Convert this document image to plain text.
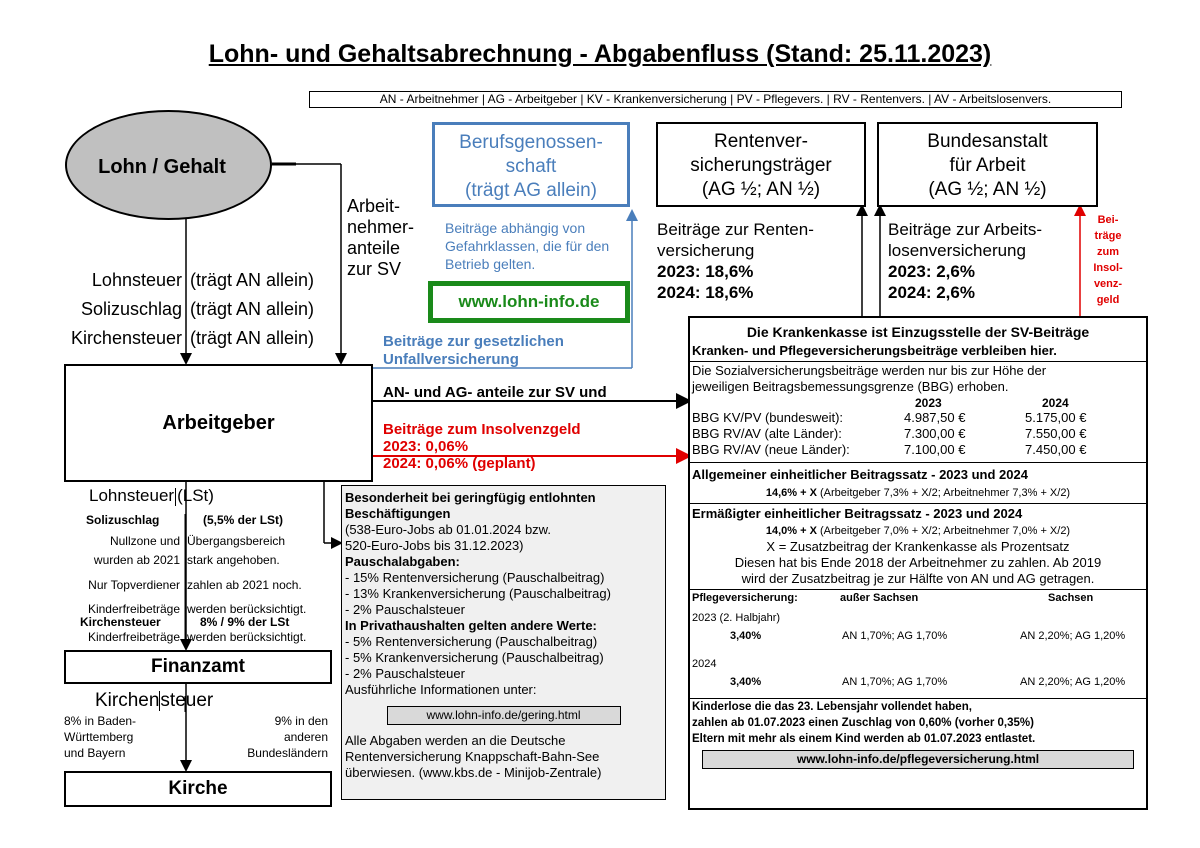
Lohn- und Gehaltsabrechnung - Abgabenfluss (Stand: 25.11.2023)
AN - Arbeitnehmer | AG - Arbeitgeber | KV - Krankenversicherung | PV - Pflegevers. | RV - Rentenvers. | AV - Arbeitslosenvers.
Lohn / Gehalt
Arbeit-
nehmer-
anteile
zur SV
Lohnsteuer (trägt AN allein)
Solizuschlag (trägt AN allein)
Kirchensteuer (trägt AN allein)
Berufsgenossen-
schaft
(trägt AG allein)
Beiträge abhängig von
Gefahrklassen, die für den
Betrieb gelten.
www.lohn-info.de
Beiträge zur gesetzlichen
Unfallversicherung
Rentenver-
sicherungsträger
(AG ½; AN ½)
Beiträge zur Renten-
versicherung
2023: 18,6%
2024: 18,6%
Bundesanstalt
für Arbeit
(AG ½; AN ½)
Beiträge zur Arbeits-
losenversicherung
2023: 2,6%
2024: 2,6%
Bei-
träge
zum
Insol-
venz-
geld
Arbeitgeber
AN- und AG- anteile zur SV und
Beiträge zum Insolvenzgeld
2023: 0,06%
2024: 0,06% (geplant)
Die Krankenkasse ist Einzugsstelle der SV-Beiträge
Kranken- und Pflegeversicherungsbeiträge verbleiben hier.
Die Sozialversicherungsbeiträge werden nur bis zur Höhe der
jeweiligen Beitragsbemessungsgrenze (BBG) erhoben.
2023	2024
BBG KV/PV (bundesweit):	4.987,50 €	5.175,00 €
BBG RV/AV (alte Länder):	7.300,00 €	7.550,00 €
BBG RV/AV (neue Länder):	7.100,00 €	7.450,00 €
Allgemeiner einheitlicher Beitragssatz - 2023 und 2024
14,6% + X (Arbeitgeber 7,3% + X/2; Arbeitnehmer 7,3% + X/2)
Ermäßigter einheitlicher Beitragssatz - 2023 und 2024
14,0% + X (Arbeitgeber 7,0% + X/2; Arbeitnehmer 7,0% + X/2)
X = Zusatzbeitrag der Krankenkasse als Prozentsatz
Diesen hat bis Ende 2018 der Arbeitnehmer zu zahlen. Ab 2019
wird der Zusatzbeitrag je zur Hälfte von AN und AG getragen.
Pflegeversicherung:	außer Sachsen	Sachsen
2023 (2. Halbjahr)
3,40%	AN 1,70%; AG 1,70%	AN 2,20%; AG 1,20%
2024
3,40%	AN 1,70%; AG 1,70%	AN 2,20%; AG 1,20%
Kinderlose die das 23. Lebensjahr vollendet haben,
zahlen ab 01.07.2023 einen Zuschlag von 0,60% (vorher 0,35%)
Eltern mit mehr als einem Kind werden ab 01.07.2023 entlastet.
www.lohn-info.de/pflegeversicherung.html
Lohnsteuer (LSt)
Solizuschlag	(5,5% der LSt)
Nullzone und Übergangsbereich
wurden ab 2021 stark angehoben.
Nur Topverdiener zahlen ab 2021 noch.
Kinderfreibeträge werden berücksichtigt.
Kirchensteuer	8% / 9% der LSt
Kinderfreibeträge werden berücksichtigt.
Finanzamt
Kirchensteuer
8% in Baden-
Württemberg
und Bayern
9% in den
anderen
Bundesländern
Kirche
Besonderheit bei geringfügig entlohnten
Beschäftigungen
(538-Euro-Jobs ab 01.01.2024 bzw.
520-Euro-Jobs bis 31.12.2023)
Pauschalabgaben:
- 15% Rentenversicherung (Pauschalbeitrag)
- 13% Krankenversicherung (Pauschalbeitrag)
- 2% Pauschalsteuer
In Privathaushalten gelten andere Werte:
- 5% Rentenversicherung (Pauschalbeitrag)
- 5% Krankenversicherung (Pauschalbeitrag)
- 2% Pauschalsteuer
Ausführliche Informationen unter:
www.lohn-info.de/gering.html
Alle Abgaben werden an die Deutsche
Rentenversicherung Knappschaft-Bahn-See
überwiesen. (www.kbs.de - Minijob-Zentrale)
